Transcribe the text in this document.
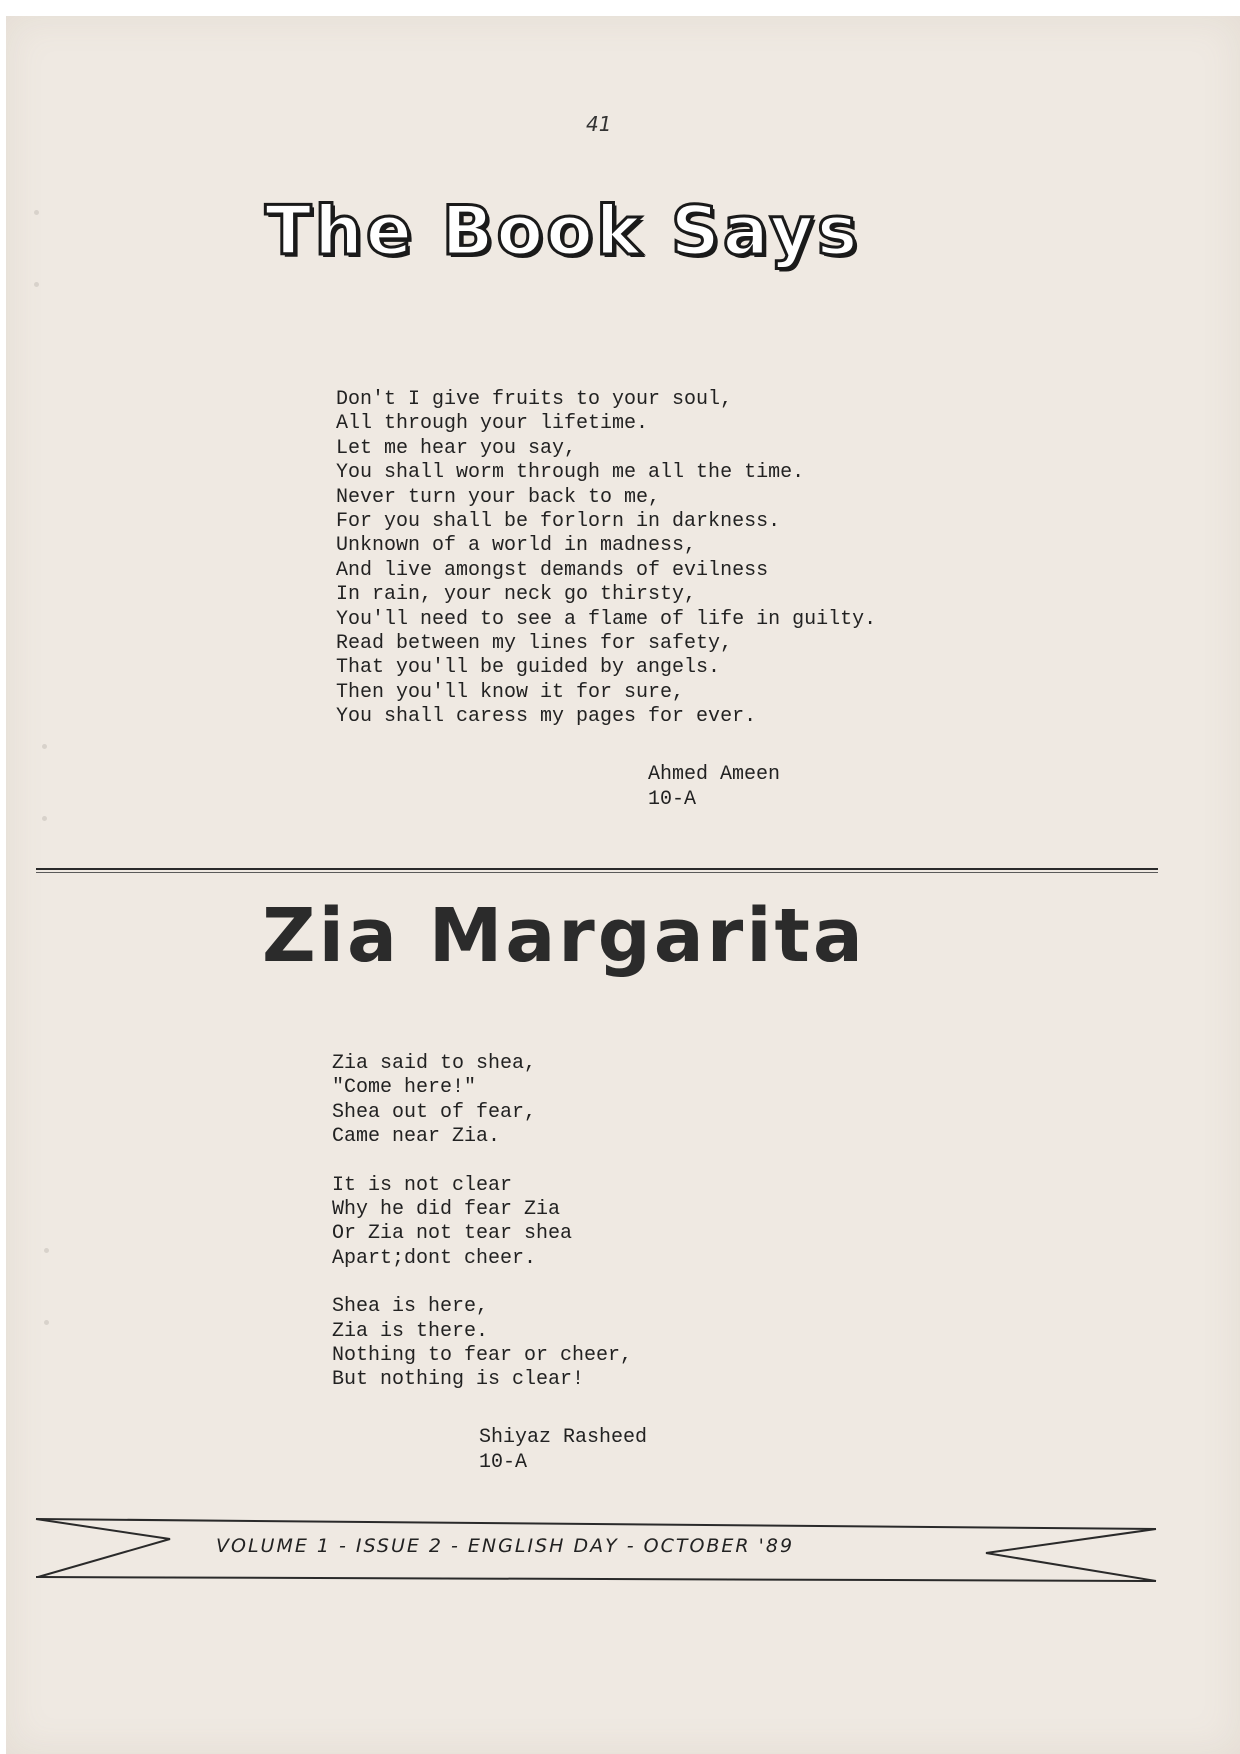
41
The Book Says
Don't I give fruits to your soul,
All through your lifetime.
Let me hear you say,
You shall worm through me all the time.
Never turn your back to me,
For you shall be forlorn in darkness.
Unknown of a world in madness,
And live amongst demands of evilness
In rain, your neck go thirsty,
You'll need to see a flame of life in guilty.
Read between my lines for safety,
That you'll be guided by angels.
Then you'll know it for sure,
You shall caress my pages for ever.
Ahmed Ameen
10-A
Zia Margarita
Zia said to shea,
"Come here!"
Shea out of fear,
Came near Zia.
It is not clear
Why he did fear Zia
Or Zia not tear shea
Apart;dont cheer.
Shea is here,
Zia is there.
Nothing to fear or cheer,
But nothing is clear!
Shiyaz Rasheed
10-A
VOLUME 1 - ISSUE 2 - ENGLISH DAY - OCTOBER '89
